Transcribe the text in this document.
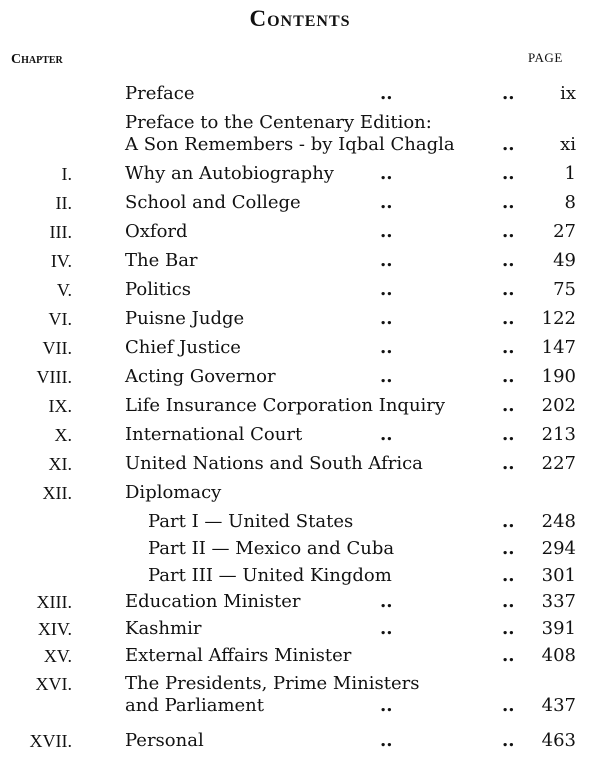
Contents
Chapter	PAGE
Preface	..	..	ix
Preface to the Centenary Edition:
A Son Remembers - by Iqbal Chagla	..	xi
I.	Why an Autobiography	..	..	1
II.	School and College	..	..	8
III.	Oxford	..	.. 27
IV.	The Bar	..	.. 49
V.	Politics	..	.. 75
VI.	Puisne Judge	..	.. 122
VII.	Chief Justice	..	.. 147
VIII.	Acting Governor	..	.. 190
IX.	Life Insurance Corporation Inquiry	.. 202
X.	International Court	..	.. 213
XI.	United Nations and South Africa	.. 227
XII.	Diplomacy
Part I — United States	.. 248
Part II — Mexico and Cuba	.. 294
Part III — United Kingdom	.. 301
XIII.	Education Minister	..	.. 337
XIV.	Kashmir	..	.. 391
XV.	External Affairs Minister	.. 408
XVI.	The Presidents, Prime Ministers
and Parliament	..	.. 437
XVII.	Personal	..	.. 463
